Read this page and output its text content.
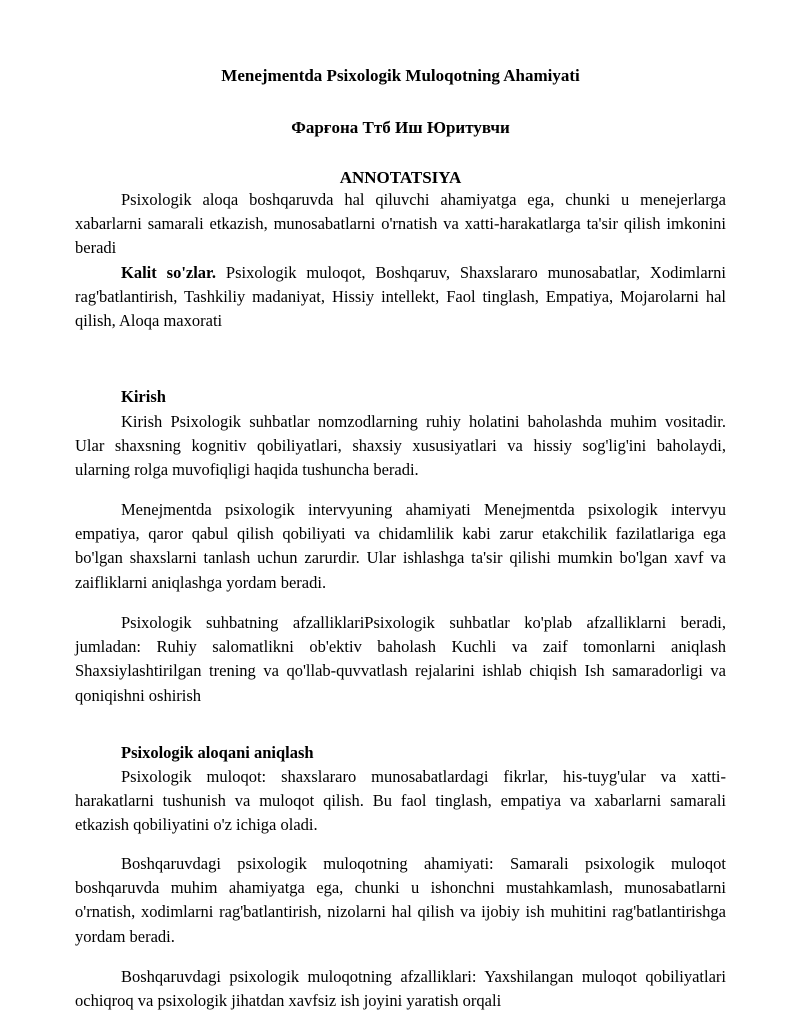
Menejmentda Psixologik Muloqotning Ahamiyati

Фарғона Ттб Иш Юритувчи

ANNOTATSIYA

Psixologik aloqa boshqaruvda hal qiluvchi ahamiyatga ega, chunki u menejerlarga xabarlarni samarali etkazish, munosabatlarni o'rnatish va xatti-harakatlarga ta'sir qilish imkonini beradi

Kalit so'zlar. Psixologik muloqot, Boshqaruv, Shaxslararo munosabatlar, Xodimlarni rag'batlantirish, Tashkiliy madaniyat, Hissiy intellekt, Faol tinglash, Empatiya, Mojarolarni hal qilish, Aloqa maxorati

Kirish

Kirish Psixologik suhbatlar nomzodlarning ruhiy holatini baholashda muhim vositadir. Ular shaxsning kognitiv qobiliyatlari, shaxsiy xususiyatlari va hissiy sog'lig'ini baholaydi, ularning rolga muvofiqligi haqida tushuncha beradi.

Menejmentda psixologik intervyuning ahamiyati Menejmentda psixologik intervyu empatiya, qaror qabul qilish qobiliyati va chidamlilik kabi zarur etakchilik fazilatlariga ega bo'lgan shaxslarni tanlash uchun zarurdir. Ular ishlashga ta'sir qilishi mumkin bo'lgan xavf va zaifliklarni aniqlashga yordam beradi.

Psixologik suhbatning afzalliklariPsixologik suhbatlar ko'plab afzalliklarni beradi, jumladan: Ruhiy salomatlikni ob'ektiv baholash Kuchli va zaif tomonlarni aniqlash Shaxsiylashtirilgan trening va qo'llab-quvvatlash rejalarini ishlab chiqish Ish samaradorligi va qoniqishni oshirish

Psixologik aloqani aniqlash

Psixologik muloqot: shaxslararo munosabatlardagi fikrlar, his-tuyg'ular va xatti-harakatlarni tushunish va muloqot qilish. Bu faol tinglash, empatiya va xabarlarni samarali etkazish qobiliyatini o'z ichiga oladi.

Boshqaruvdagi psixologik muloqotning ahamiyati: Samarali psixologik muloqot boshqaruvda muhim ahamiyatga ega, chunki u ishonchni mustahkamlash, munosabatlarni o'rnatish, xodimlarni rag'batlantirish, nizolarni hal qilish va ijobiy ish muhitini rag'batlantirishga yordam beradi.

Boshqaruvdagi psixologik muloqotning afzalliklari: Yaxshilangan muloqot qobiliyatlari ochiqroq va psixologik jihatdan xavfsiz ish joyini yaratish orqali
